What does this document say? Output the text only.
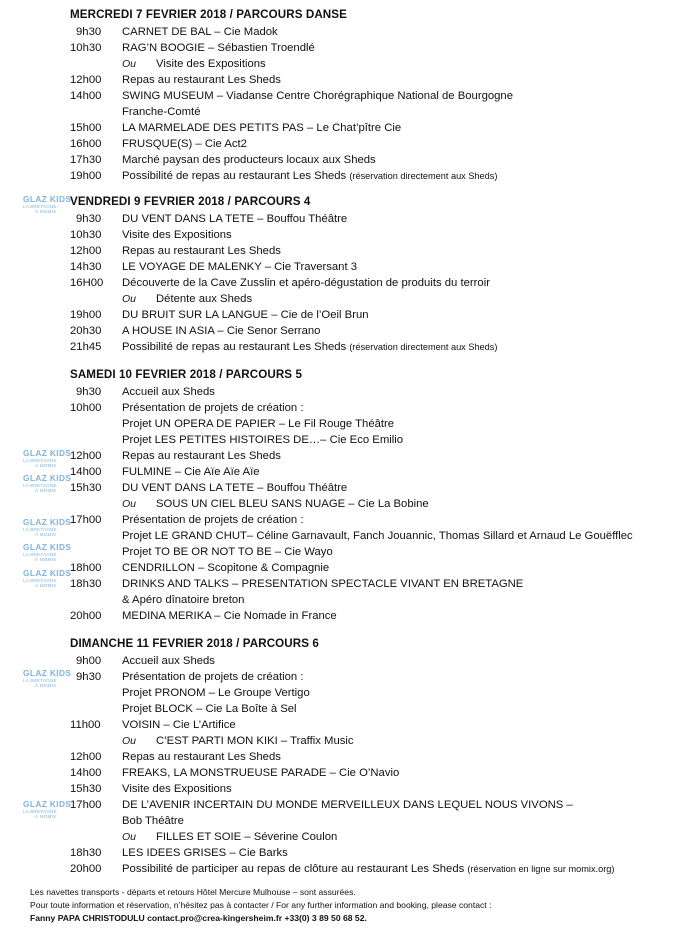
MERCREDI 7 FEVRIER 2018 / PARCOURS DANSE
9h30	CARNET DE BAL – Cie Madok
10h30	RAG’N BOOGIE – Sébastien Troendlé
Ou Visite des Expositions
12h00	Repas au restaurant Les Sheds
14h00	SWING MUSEUM – Viadanse Centre Chorégraphique National de Bourgogne
Franche-Comté
15h00	LA MARMELADE DES PETITS PAS – Le Chat’pître Cie
16h00	FRUSQUE(S) – Cie Act2
17h30	Marché paysan des producteurs locaux aux Sheds
19h00	Possibilité de repas au restaurant Les Sheds (réservation directement aux Sheds)
VENDREDI 9 FEVRIER 2018 / PARCOURS 4
9h30	DU VENT DANS LA TETE – Bouffou Théâtre
10h30	Visite des Expositions
12h00	Repas au restaurant Les Sheds
14h30	LE VOYAGE DE MALENKY – Cie Traversant 3
16H00	Découverte de la Cave Zusslin et apéro-dégustation de produits du terroir
Ou Détente aux Sheds
19h00	DU BRUIT SUR LA LANGUE – Cie de l’Oeil Brun
20h30	A HOUSE IN ASIA – Cie Senor Serrano
21h45	Possibilité de repas au restaurant Les Sheds (réservation directement aux Sheds)
SAMEDI 10 FEVRIER 2018 / PARCOURS 5
9h30	Accueil aux Sheds
10h00	Présentation de projets de création :
Projet UN OPERA DE PAPIER – Le Fil Rouge Théâtre
Projet LES PETITES HISTOIRES DE…– Cie Eco Emilio
12h00	Repas au restaurant Les Sheds
14h00	FULMINE – Cie Aïe Aïe Aïe
15h30	DU VENT DANS LA TETE – Bouffou Théâtre
Ou SOUS UN CIEL BLEU SANS NUAGE – Cie La Bobine
17h00	Présentation de projets de création :
Projet LE GRAND CHUT– Céline Garnavault, Fanch Jouannic, Thomas Sillard et Arnaud Le Gouëfflec
Projet TO BE OR NOT TO BE – Cie Wayo
18h00	CENDRILLON – Scopitone & Compagnie
18h30	DRINKS AND TALKS – PRESENTATION SPECTACLE VIVANT EN BRETAGNE
& Apéro dînatoire breton
20h00	MEDINA MERIKA – Cie Nomade in France
DIMANCHE 11 FEVRIER 2018 / PARCOURS 6
9h00	Accueil aux Sheds
9h30	Présentation de projets de création :
Projet PRONOM – Le Groupe Vertigo
Projet BLOCK – Cie La Boîte à Sel
11h00	VOISIN – Cie L’Artifice
Ou C’EST PARTI MON KIKI – Traffix Music
12h00	Repas au restaurant Les Sheds
14h00	FREAKS, LA MONSTRUEUSE PARADE – Cie O’Navio
15h30	Visite des Expositions
17h00	DE L’AVENIR INCERTAIN DU MONDE MERVEILLEUX DANS LEQUEL NOUS VIVONS –
Bob Théâtre
Ou FILLES ET SOIE – Séverine Coulon
18h30	LES IDEES GRISES – Cie Barks
20h00	Possibilité de participer au repas de clôture au restaurant Les Sheds (réservation en ligne sur momix.org)
GLAZ KIDS
LA BRETAGNE
À MOMIX
GLAZ KIDS
LA BRETAGNE
À MOMIX
GLAZ KIDS
LA BRETAGNE
À MOMIX
GLAZ KIDS
LA BRETAGNE
À MOMIX
GLAZ KIDS
LA BRETAGNE
À MOMIX
GLAZ KIDS
LA BRETAGNE
À MOMIX
GLAZ KIDS
LA BRETAGNE
À MOMIX
GLAZ KIDS
LA BRETAGNE
À MOMIX
Les navettes transports - départs et retours Hôtel Mercure Mulhouse – sont assurées.
Pour toute information et réservation, n’hésitez pas à contacter / For any further information and booking, please contact :
Fanny PAPA CHRISTODULU contact.pro@crea-kingersheim.fr +33(0) 3 89 50 68 52.
